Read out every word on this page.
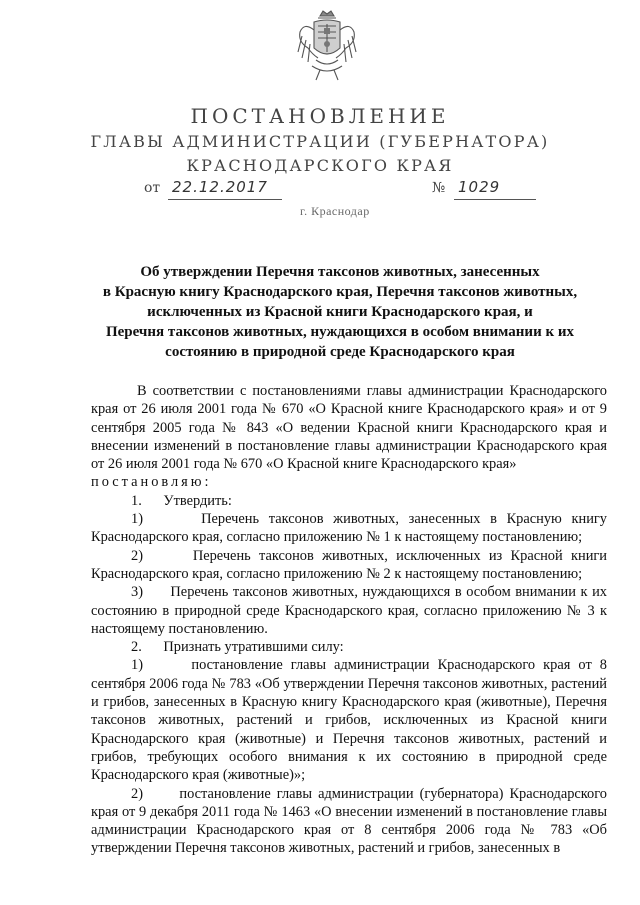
ПОСТАНОВЛЕНИЕ
ГЛАВЫ АДМИНИСТРАЦИИ (ГУБЕРНАТОРА)
КРАСНОДАРСКОГО КРАЯ
от 22.12.2017	№ 1029
г. Краснодар
Об утверждении Перечня таксонов животных, занесенных
в Красную книгу Краснодарского края, Перечня таксонов животных,
исключенных из Красной книги Краснодарского края, и
Перечня таксонов животных, нуждающихся в особом внимании к их
состоянию в природной среде Краснодарского края

В соответствии с постановлениями главы администрации Краснодарского края от 26 июля 2001 года № 670 «О Красной книге Краснодарского края» и от 9 сентября 2005 года № 843 «О ведении Красной книги Краснодарского края и внесении изменений в постановление главы администрации Краснодарского края от 26 июля 2001 года № 670 «О Красной книге Краснодарского края»

постановляю:

1.      Утвердить:

1)      Перечень таксонов животных, занесенных в Красную книгу Краснодарского края, согласно приложению № 1 к настоящему постановлению;

2)      Перечень таксонов животных, исключенных из Красной книги Краснодарского края, согласно приложению № 2 к настоящему постановлению;

3)      Перечень таксонов животных, нуждающихся в особом внимании к их состоянию в природной среде Краснодарского края, согласно приложению № 3 к настоящему постановлению.

2.      Признать утратившими силу:

1)      постановление главы администрации Краснодарского края от 8 сентября 2006 года № 783 «Об утверждении Перечня таксонов животных, растений и грибов, занесенных в Красную книгу Краснодарского края (животные), Перечня таксонов животных, растений и грибов, исключенных из Красной книги Краснодарского края (животные) и Перечня таксонов животных, растений и грибов, требующих особого внимания к их состоянию в природной среде Краснодарского края (животные)»;

2)      постановление главы администрации (губернатора) Краснодарского края от 9 декабря 2011 года № 1463 «О внесении изменений в постановление главы администрации Краснодарского края от 8 сентября 2006 года № 783 «Об утверждении Перечня таксонов животных, растений и грибов, занесенных в
